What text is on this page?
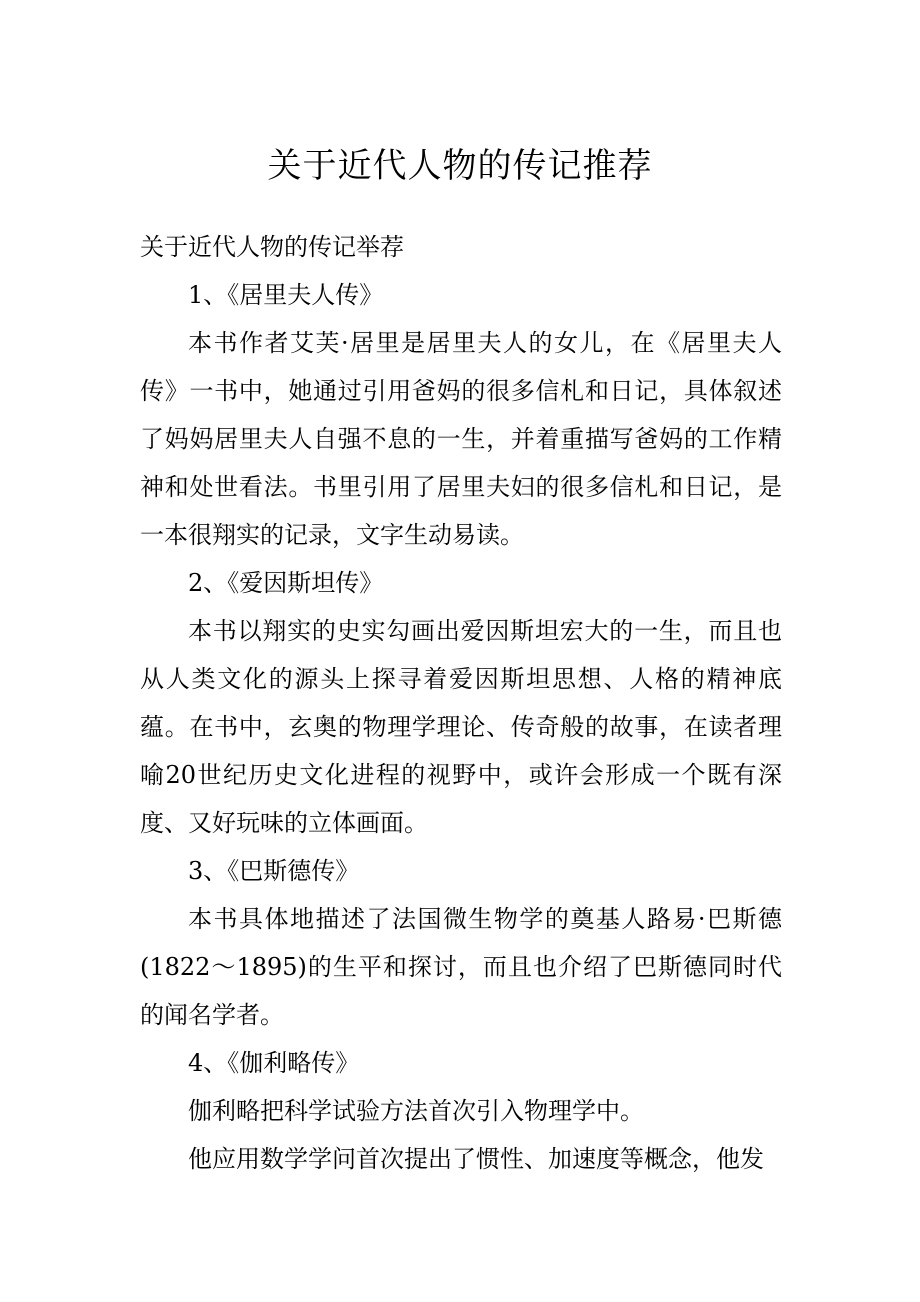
关于近代人物的传记推荐

关于近代人物的传记举荐

1、《居里夫人传》

本书作者艾芙·居里是居里夫人的女儿，在《居里夫人传》一书中，她通过引用爸妈的很多信札和日记，具体叙述了妈妈居里夫人自强不息的一生，并着重描写爸妈的工作精神和处世看法。书里引用了居里夫妇的很多信札和日记，是一本很翔实的记录，文字生动易读。

2、《爱因斯坦传》

本书以翔实的史实勾画出爱因斯坦宏大的一生，而且也从人类文化的源头上探寻着爱因斯坦思想、人格的精神底蕴。在书中，玄奥的物理学理论、传奇般的故事，在读者理喻20世纪历史文化进程的视野中，或许会形成一个既有深度、又好玩味的立体画面。

3、《巴斯德传》

本书具体地描述了法国微生物学的奠基人路易·巴斯德(1822～1895)的生平和探讨，而且也介绍了巴斯德同时代的闻名学者。

4、《伽利略传》

伽利略把科学试验方法首次引入物理学中。

他应用数学学问首次提出了惯性、加速度等概念，他发
